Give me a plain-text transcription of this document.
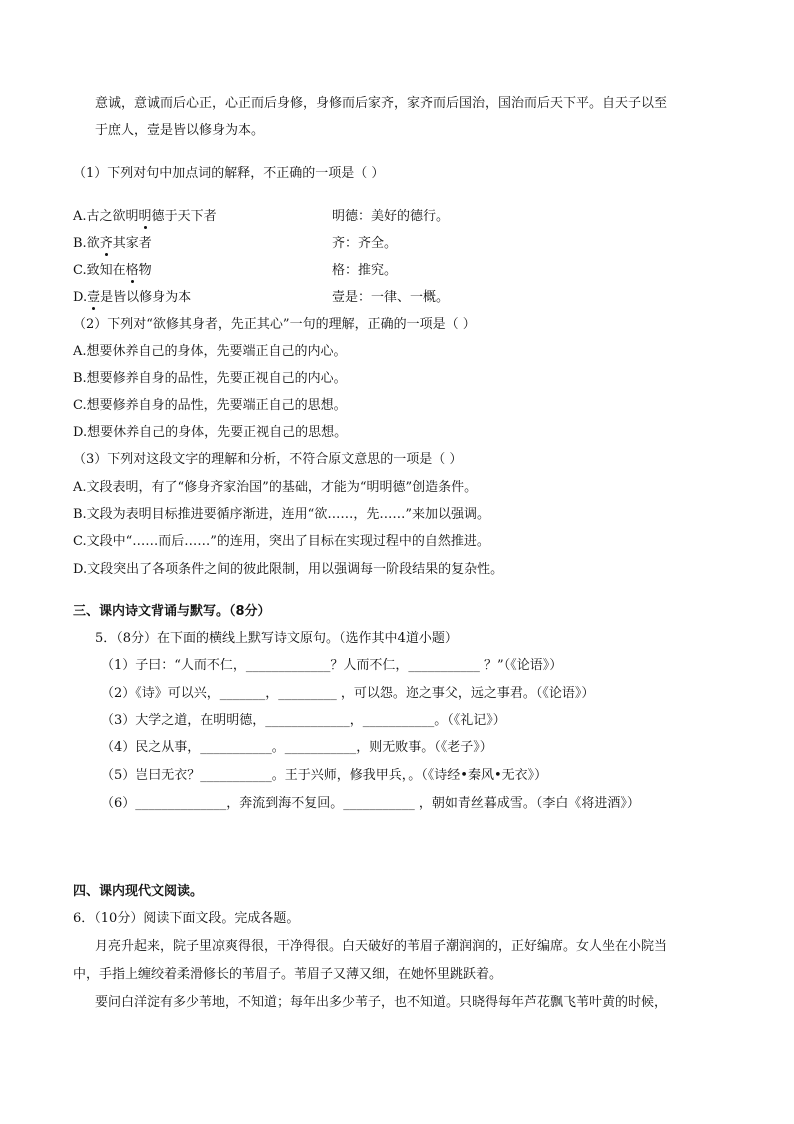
意诚，意诚而后心正，心正而后身修，身修而后家齐，家齐而后国治，国治而后天下平。自天子以至
于庶人，壹是皆以修身为本。
（1）下列对句中加点词的解释，不正确的一项是（ ）
A.古之欲明明德于天下者	明德：美好的德行。
B.欲齐其家者	齐：齐全。
C.致知在格物	格：推究。
D.壹是皆以修身为本	壹是：一律、一概。
（2）下列对“欲修其身者，先正其心”一句的理解，正确的一项是（ ）
A.想要休养自己的身体，先要端正自己的内心。
B.想要修养自身的品性，先要正视自己的内心。
C.想要修养自身的品性，先要端正自己的思想。
D.想要休养自己的身体，先要正视自己的思想。
（3）下列对这段文字的理解和分析，不符合原文意思的一项是（ ）
A.文段表明，有了“修身齐家治国”的基础，才能为“明明德”创造条件。
B.文段为表明目标推进要循序渐进，连用“欲……，先……”来加以强调。
C.文段中“……而后……”的连用，突出了目标在实现过程中的自然推进。
D.文段突出了各项条件之间的彼此限制，用以强调每一阶段结果的复杂性。
三、课内诗文背诵与默写。（8分）
5．（8分）在下面的横线上默写诗文原句。（选作其中4道小题）
（1）子曰：“人而不仁，_____________？人而不仁，___________ ？”（《论语》）
（2）《诗》可以兴，_______，_________ ，可以怨。迩之事父，远之事君。（《论语》）
（3）大学之道，在明明德，_____________，___________。（《礼记》）
（4）民之从事，___________。___________，则无败事。（《老子》）
（5）岂曰无衣？___________。王于兴师，修我甲兵，。（《诗经•秦风•无衣》）
（6）______________，奔流到海不复回。___________ ，朝如青丝暮成雪。（李白《将进酒》）
四、课内现代文阅读。
6．（10分）阅读下面文段。完成各题。
月亮升起来，院子里凉爽得很，干净得很。白天破好的苇眉子潮润润的，正好编席。女人坐在小院当
中，手指上缠绞着柔滑修长的苇眉子。苇眉子又薄又细，在她怀里跳跃着。
要问白洋淀有多少苇地，不知道；每年出多少苇子，也不知道。只晓得每年芦花飘飞苇叶黄的时候，
